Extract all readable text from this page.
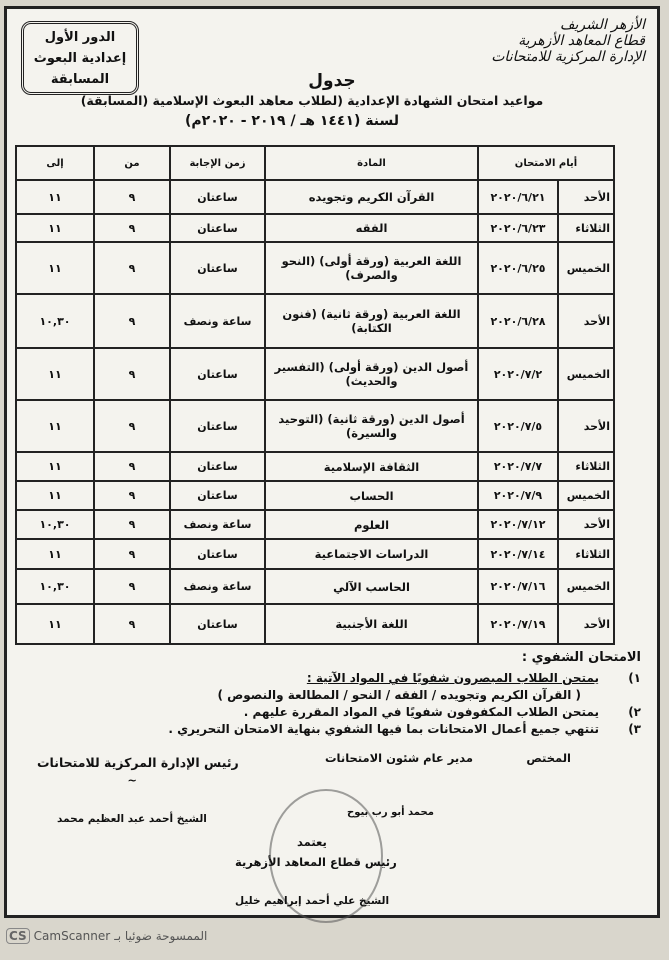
الأزهر الشريف
قطاع المعاهد الأزهرية
الإدارة المركزية للامتحانات
الدور الأول
إعدادية البعوث
المسابقة	جدول
مواعيد امتحان الشهادة الإعدادية (لطلاب معاهد البعوث الإسلامية (المسابقة)
لسنة (١٤٤١ هـ / ٢٠١٩ - ٢٠٢٠م)
أيام الامتحان		المادة	زمن الإجابة	من	إلى
الأحد	٢٠٢٠/٦/٢١	القرآن الكريم وتجويده	ساعتان	٩	١١
الثلاثاء	٢٠٢٠/٦/٢٣	الفقه	ساعتان	٩	١١
الخميس	٢٠٢٠/٦/٢٥	اللغة العربية (ورقة أولى) (النحو والصرف)	ساعتان	٩	١١
الأحد	٢٠٢٠/٦/٢٨	اللغة العربية (ورقة ثانية) (فنون الكتابة)	ساعة ونصف	٩	١٠,٣٠
الخميس	٢٠٢٠/٧/٢	أصول الدين (ورقة أولى) (التفسير والحديث)	ساعتان	٩	١١
الأحد	٢٠٢٠/٧/٥	أصول الدين (ورقة ثانية) (التوحيد والسيرة)	ساعتان	٩	١١
الثلاثاء	٢٠٢٠/٧/٧	الثقافة الإسلامية	ساعتان	٩	١١
الخميس	٢٠٢٠/٧/٩	الحساب	ساعتان	٩	١١
الأحد	٢٠٢٠/٧/١٢	العلوم	ساعة ونصف	٩	١٠,٣٠
الثلاثاء	٢٠٢٠/٧/١٤	الدراسات الاجتماعية	ساعتان	٩	١١
الخميس	٢٠٢٠/٧/١٦	الحاسب الآلي	ساعة ونصف	٩	١٠,٣٠
الأحد	٢٠٢٠/٧/١٩	اللغة الأجنبية	ساعتان	٩	١١
الامتحان الشفوي :
١)
يمتحن الطلاب المبصرون شفويًا في المواد الآتية :
( القرآن الكريم وتجويده / الفقه / النحو / المطالعة والنصوص )
٢)
يمتحن الطلاب المكفوفون شفويًا في المواد المقررة عليهم .
٣)
تنتهي جميع أعمال الامتحانات بما فيها الشفوي بنهاية الامتحان التحريري .
المختص
~
مدير عام شئون الامتحانات
محمد أبو رب بيوح
رئيس الإدارة المركزية للامتحانات
الشيخ أحمد عبد العظيم محمد
يعتمد
رئيس قطاع المعاهد الأزهرية
الشيخ علي أحمد إبراهيم خليل
CS CamScanner الممسوحة ضوئيا بـ
